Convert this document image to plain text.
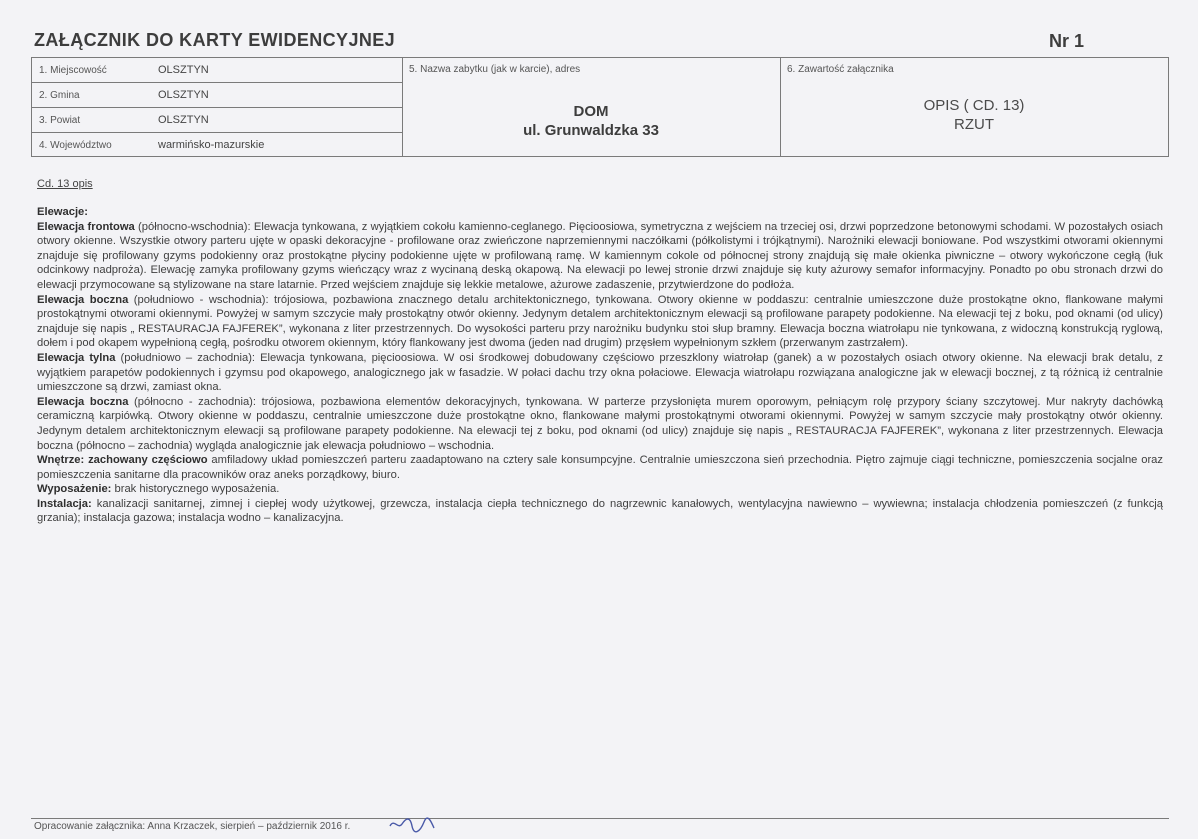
ZAŁĄCZNIK DO KARTY EWIDENCYJNEJ	Nr 1
1. Miejscowość	OLSZTYN
2. Gmina	OLSZTYN
3. Powiat	OLSZTYN
4. Województwo	warmińsko-mazurskie
5. Nazwa zabytku (jak w karcie), adres
DOM
ul. Grunwaldzka 33
6. Zawartość załącznika
OPIS ( CD. 13)
RZUT
Cd. 13 opis

Elewacje:

Elewacja frontowa (północno-wschodnia): Elewacja tynkowana, z wyjątkiem cokołu kamienno-ceglanego. Pięcioosiowa, symetryczna z wejściem na trzeciej osi, drzwi poprzedzone betonowymi schodami. W pozostałych osiach otwory okienne. Wszystkie otwory parteru ujęte w opaski dekoracyjne - profilowane oraz zwieńczone naprzemiennymi naczółkami (półkolistymi i trójkątnymi). Narożniki elewacji boniowane. Pod wszystkimi otworami okiennymi znajduje się profilowany gzyms podokienny oraz prostokątne płyciny podokienne ujęte w profilowaną ramę. W kamiennym cokole od północnej strony znajdują się małe okienka piwniczne – otwory wykończone cegłą (łuk odcinkowy nadproża). Elewację zamyka profilowany gzyms wieńczący wraz z wycinaną deską okapową. Na elewacji po lewej stronie drzwi znajduje się kuty ażurowy semafor informacyjny. Ponadto po obu stronach drzwi do elewacji przymocowane są stylizowane na stare latarnie. Przed wejściem znajduje się lekkie metalowe, ażurowe zadaszenie, przytwierdzone do podłoża.

Elewacja boczna (południowo - wschodnia): trójosiowa, pozbawiona znacznego detalu architektonicznego, tynkowana. Otwory okienne w poddaszu: centralnie umieszczone duże prostokątne okno, flankowane małymi prostokątnymi otworami okiennymi. Powyżej w samym szczycie mały prostokątny otwór okienny. Jedynym detalem architektonicznym elewacji są profilowane parapety podokienne. Na elewacji tej z boku, pod oknami (od ulicy) znajduje się napis „ RESTAURACJA FAJFEREK”, wykonana z liter przestrzennych. Do wysokości parteru przy narożniku budynku stoi słup bramny. Elewacja boczna wiatrołapu nie tynkowana, z widoczną konstrukcją ryglową, dołem i pod okapem wypełnioną cegłą, pośrodku otworem okiennym, który flankowany jest dwoma (jeden nad drugim) przęsłem wypełnionym szkłem (przerwanym zastrzałem).

Elewacja tylna (południowo – zachodnia): Elewacja tynkowana, pięcioosiowa. W osi środkowej dobudowany częściowo przeszklony wiatrołap (ganek) a w pozostałych osiach otwory okienne. Na elewacji brak detalu, z wyjątkiem parapetów podokiennych i gzymsu pod okapowego, analogicznego jak w fasadzie. W połaci dachu trzy okna połaciowe. Elewacja wiatrołapu rozwiązana analogiczne jak w elewacji bocznej, z tą różnicą iż centralnie umieszczone są drzwi, zamiast okna.

Elewacja boczna (północno - zachodnia): trójosiowa, pozbawiona elementów dekoracyjnych, tynkowana. W parterze przysłonięta murem oporowym, pełniącym rolę przypory ściany szczytowej. Mur nakryty dachówką ceramiczną karpiówką. Otwory okienne w poddaszu, centralnie umieszczone duże prostokątne okno, flankowane małymi prostokątnymi otworami okiennymi. Powyżej w samym szczycie mały prostokątny otwór okienny. Jedynym detalem architektonicznym elewacji są profilowane parapety podokienne. Na elewacji tej z boku, pod oknami (od ulicy) znajduje się napis „ RESTAURACJA FAJFEREK”, wykonana z liter przestrzennych. Elewacja boczna (północno – zachodnia) wygląda analogicznie jak elewacja południowo – wschodnia.

Wnętrze: zachowany częściowo amfiladowy układ pomieszczeń parteru zaadaptowano na cztery sale konsumpcyjne. Centralnie umieszczona sień przechodnia. Piętro zajmuje ciągi techniczne, pomieszczenia socjalne oraz pomieszczenia sanitarne dla pracowników oraz aneks porządkowy, biuro.

Wyposażenie: brak historycznego wyposażenia.

Instalacja: kanalizacji sanitarnej, zimnej i ciepłej wody użytkowej, grzewcza, instalacja ciepła technicznego do nagrzewnic kanałowych, wentylacyjna nawiewno – wywiewna; instalacja chłodzenia pomieszczeń (z funkcją grzania); instalacja gazowa; instalacja wodno – kanalizacyjna.

Opracowanie załącznika: Anna Krzaczek, sierpień – październik 2016 r.
